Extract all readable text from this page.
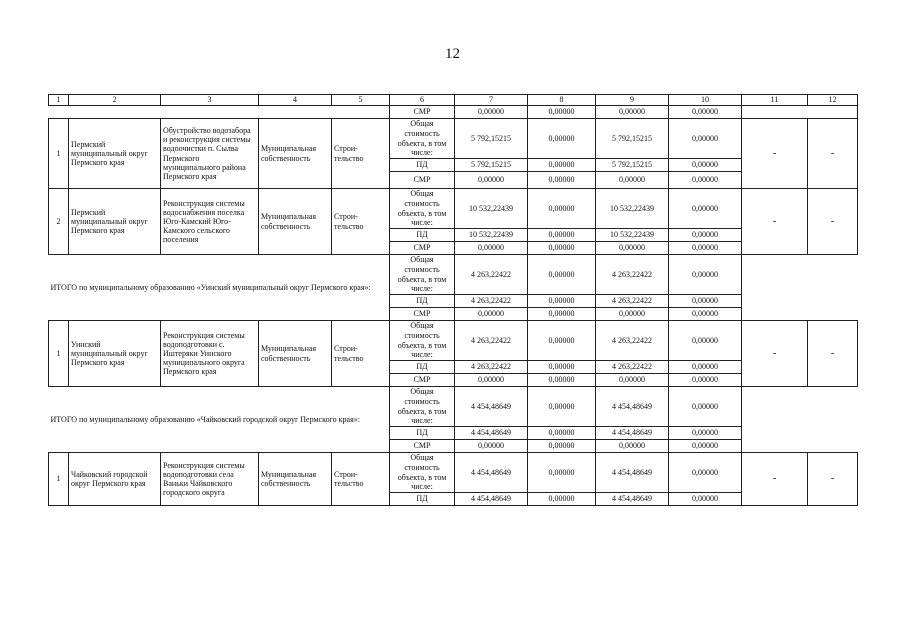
12
1	2	3	4	5	6	7	8	9	10	11	12
					СМР	0,00000	0,00000	0,00000	0,00000		
1	Пермский муниципальный округ Пермского края	Обустройство водозабора и реконструкция системы водоочистки п. Сылва Пермского муниципального района Пермского края	Муниципальная собственность	Строи-тельство	Общая стоимость объекта, в том числе:	5 792,15215	0,00000	5 792,15215	0,00000	-	-
					ПД	5 792,15215	0,00000	5 792,15215	0,00000		
					СМР	0,00000	0,00000	0,00000	0,00000		
2	Пермский муниципальный округ Пермского края	Реконструкция системы водоснабжения поселка Юго-Камский Юго-Камского сельского поселения	Муниципальная собственность	Строи-тельство	Общая стоимость объекта, в том числе:	10 532,22439	0,00000	10 532,22439	0,00000	-	-
					ПД	10 532,22439	0,00000	10 532,22439	0,00000		
					СМР	0,00000	0,00000	0,00000	0,00000		
ИТОГО по муниципальному образованию «Уинский муниципальный округ Пермского края»:					Общая стоимость объекта, в том числе:	4 263,22422	0,00000	4 263,22422	0,00000		
					ПД	4 263,22422	0,00000	4 263,22422	0,00000		
					СМР	0,00000	0,00000	0,00000	0,00000		
1	Уинский муниципальный округ Пермского края	Реконструкция системы водоподготовки с. Иштеряки Уинского муниципального округа Пермского края	Муниципальная собственность	Строи-тельство	Общая стоимость объекта, в том числе:	4 263,22422	0,00000	4 263,22422	0,00000	-	-
					ПД	4 263,22422	0,00000	4 263,22422	0,00000		
					СМР	0,00000	0,00000	0,00000	0,00000		
ИТОГО по муниципальному образованию «Чайковский городской округ Пермского края»:					Общая стоимость объекта, в том числе:	4 454,48649	0,00000	4 454,48649	0,00000		
					ПД	4 454,48649	0,00000	4 454,48649	0,00000		
					СМР	0,00000	0,00000	0,00000	0,00000		
1	Чайковский городской округ Пермского края	Реконструкция системы водоподготовки села Ваньки Чайковского городского округа	Муниципальная собственность	Строи-тельство	Общая стоимость объекта, в том числе:	4 454,48649	0,00000	4 454,48649	0,00000	-	-
					ПД	4 454,48649	0,00000	4 454,48649	0,00000		
